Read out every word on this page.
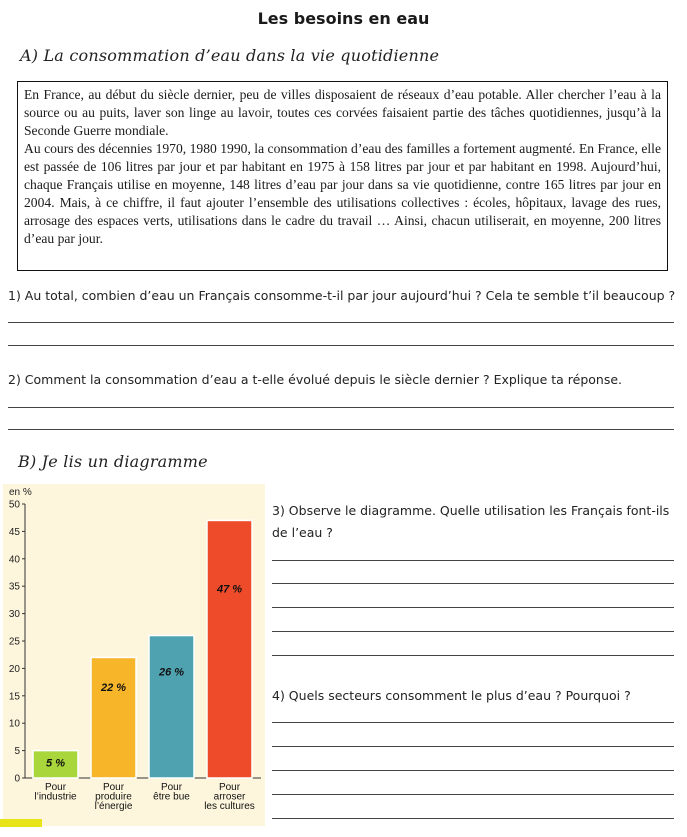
Les besoins en eau
A) La consommation d’eau dans la vie quotidienne

En France, au début du siècle dernier, peu de villes disposaient de réseaux d’eau potable. Aller chercher l’eau à la source ou au puits, laver son linge au lavoir, toutes ces corvées faisaient partie des tâches quotidiennes, jusqu’à la Seconde Guerre mondiale.

Au cours des décennies 1970, 1980 1990, la consommation d’eau des familles a fortement augmenté. En France, elle est passée de 106 litres par jour et par habitant en 1975 à 158 litres par jour et par habitant en 1998. Aujourd’hui, chaque Français utilise en moyenne, 148 litres d’eau par jour dans sa vie quotidienne, contre 165 litres par jour en 2004. Mais, à ce chiffre, il faut ajouter l’ensemble des utilisations collectives : écoles, hôpitaux, lavage des rues, arrosage des espaces verts, utilisations dans le cadre du travail … Ainsi, chacun utiliserait, en moyenne, 200 litres d’eau par jour.

1) Au total, combien d’eau un Français consomme-t-il par jour aujourd’hui ? Cela te semble t’il beaucoup ?
2) Comment la consommation d’eau a t-elle évolué depuis le siècle dernier ? Explique ta réponse.
B) Je lis un diagramme
en %
0
5
10
15
20
25
30
35
40
45
50
5 %
Pour
l’industrie
22 %
Pour
produire
l’énergie
26 %
Pour
être bue
47 %
Pour
arroser
les cultures
3) Observe le diagramme. Quelle utilisation les Français font-ils de l’eau ?
4) Quels secteurs consomment le plus d’eau ? Pourquoi ?
